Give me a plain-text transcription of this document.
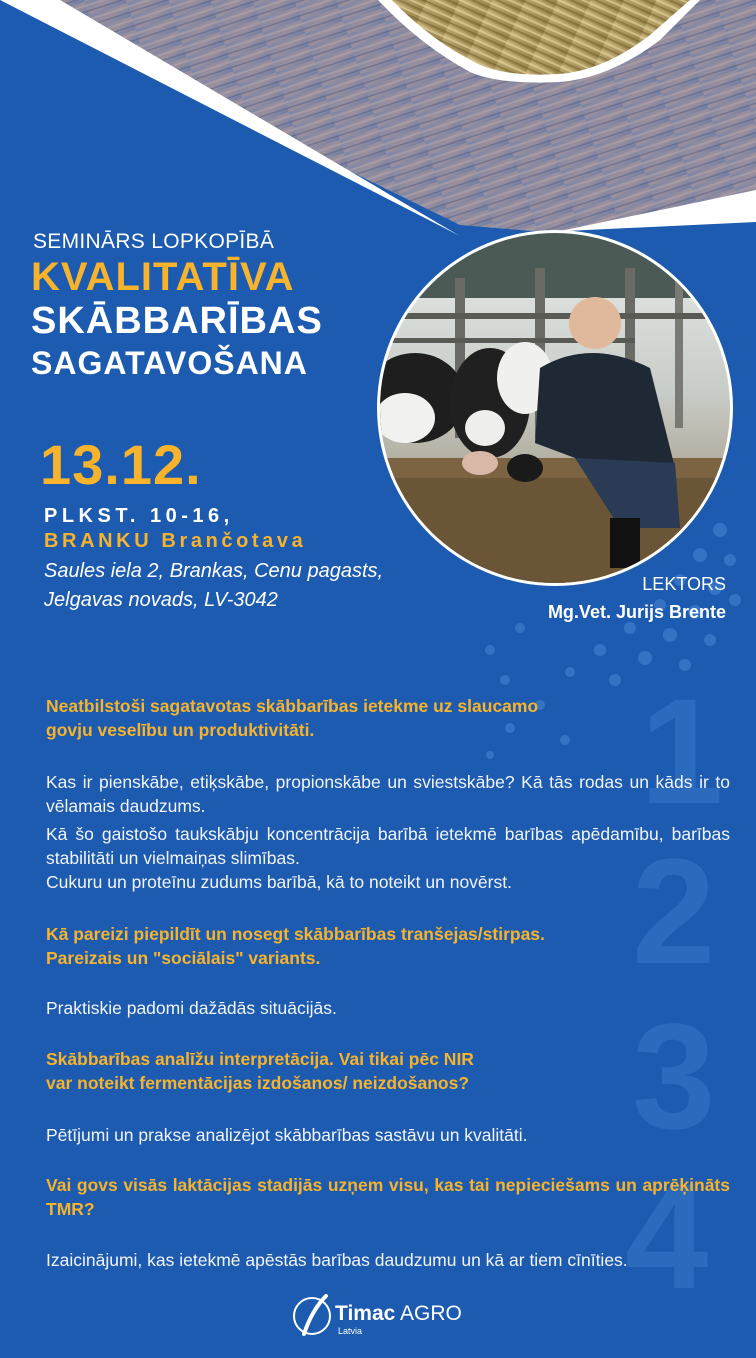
SEMINĀRS LOPKOPĪBĀ
KVALITATĪVA
SKĀBBARĪBAS
SAGATAVOŠANA
13.12.
PLKST. 10-16,
BRANKU Brančotava
Saules iela 2, Brankas, Cenu pagasts,
Jelgavas novads, LV-3042
LEKTORS
Mg.Vet. Jurijs Brente
1
2
3
4
Neatbilstoši sagatavotas skābbarības ietekme uz slaucamo
govju veselību un produktivitāti.
Kas ir pienskābe, etiķskābe, propionskābe un sviestskābe? Kā tās rodas un kāds ir to vēlamais daudzums.
Kā šo gaistošo taukskābju koncentrācija barībā ietekmē barības apēdamību, barības stabilitāti un vielmaiņas slimības.
Cukuru un proteīnu zudums barībā, kā to noteikt un novērst.
Kā pareizi piepildīt un nosegt skābbarības tranšejas/stirpas.
Pareizais un "sociālais" variants.
Praktiskie padomi dažādās situācijās.
Skābbarības analīžu interpretācija. Vai tikai pēc NIR
var noteikt fermentācijas izdošanos/ neizdošanos?
Pētījumi un prakse analizējot skābbarības sastāvu un kvalitāti.
Vai govs visās laktācijas stadijās uzņem visu, kas tai nepieciešams un aprēķināts TMR?
Izaicinājumi, kas ietekmē apēstās barības daudzumu un kā ar tiem cīnīties.
Timac AGRO
Latvia
